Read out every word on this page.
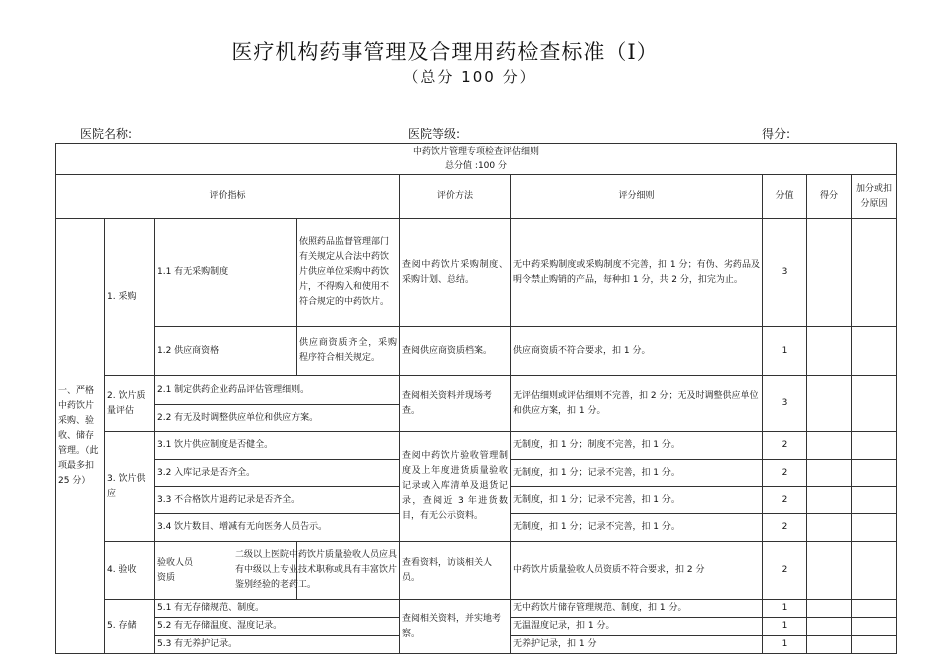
医疗机构药事管理及合理用药检查标准（Ⅰ）
（总分 100 分）
医院名称:	医院等级:	得分:
中药饮片管理专项检查评估细则
总分值 :100 分								

评价指标				评价方法	评分细则	分值	得分	加分或扣分原因
一、严格中药饮片采购、验收、储存管理。（此项最多扣 25 分）	1. 采购	1.1 有无采购制度	依照药品监督管理部门有关规定从合法中药饮片供应单位采购中药饮片，不得购入和使用不符合规定的中药饮片。	查阅中药饮片采购制度、采购计划、总结。	无中药采购制度或采购制度不完善，扣 1 分；有伪、劣药品及明令禁止购销的产品，每种扣 1 分，共 2 分，扣完为止。	3		
		1.2 供应商资格	供应商资质齐全，采购程序符合相关规定。	查阅供应商资质档案。	供应商资质不符合要求，扣 1 分。	1		
	2. 饮片质量评估	2.1 制定供药企业药品评估管理细则。		查阅相关资料并现场考查。	无评估细则或评估细则不完善，扣 2 分；无及时调整供应单位和供应方案，扣 1 分。	3		
		2.2 有无及时调整供应单位和供应方案。						
	3. 饮片供应	3.1 饮片供应制度是否健全。		查阅中药饮片验收管理制度及上年度进货质量验收记录或入库清单及退货记录，查阅近 3 年进货数目，有无公示资料。	无制度，扣 1 分；制度不完善，扣 1 分。	2		
		3.2 入库记录是否齐全。			无制度，扣 1 分；记录不完善，扣 1 分。	2		
		3.3 不合格饮片退药记录是否齐全。			无制度，扣 1 分；记录不完善，扣 1 分。	2		
		3.4 饮片数目、增减有无向医务人员告示。			无制度，扣 1 分；记录不完善，扣 1 分。	2		
	4. 验收	验收人员资质	二级以上医院中药饮片质量验收人员应具有中级以上专业技术职称或具有丰富饮片鉴别经验的老药工。	查看资料，访谈相关人员。	中药饮片质量验收人员资质不符合要求，扣 2 分	2		
	5. 存储	5.1 有无存储规范、制度。		查阅相关资料，并实地考察。	无中药饮片储存管理规范、制度，扣 1 分。	1		
		5.2 有无存储温度、湿度记录。			无温湿度记录，扣 1 分。	1		
		5.3 有无养护记录。			无养护记录，扣 1 分	1		
